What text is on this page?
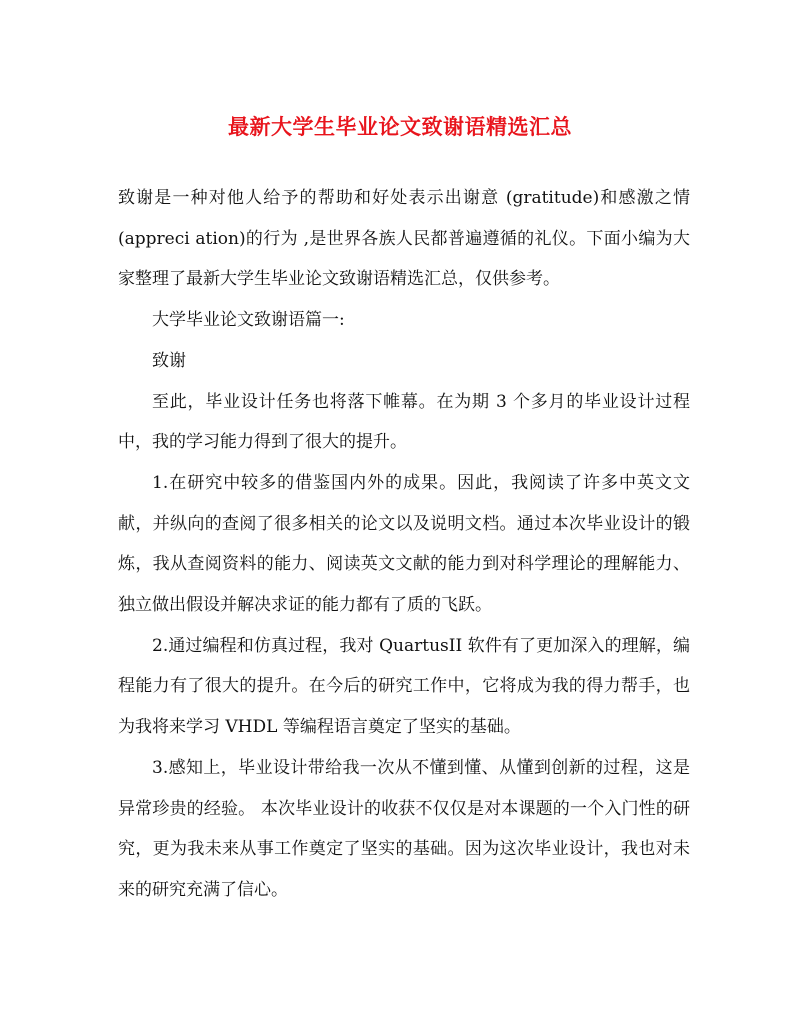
最新大学生毕业论文致谢语精选汇总

致谢是一种对他人给予的帮助和好处表示出谢意 (gratitude)和感激之情 (appreci ation)的行为 ,是世界各族人民都普遍遵循的礼仪。下面小编为大家整理了最新大学生毕业论文致谢语精选汇总，仅供参考。

大学毕业论文致谢语篇一:

致谢

至此，毕业设计任务也将落下帷幕。在为期 3 个多月的毕业设计过程中，我的学习能力得到了很大的提升。

1.在研究中较多的借鉴国内外的成果。因此，我阅读了许多中英文文献，并纵向的查阅了很多相关的论文以及说明文档。通过本次毕业设计的锻炼，我从查阅资料的能力、阅读英文文献的能力到对科学理论的理解能力、独立做出假设并解决求证的能力都有了质的飞跃。

2.通过编程和仿真过程，我对 QuartusII 软件有了更加深入的理解，编程能力有了很大的提升。在今后的研究工作中，它将成为我的得力帮手，也为我将来学习 VHDL 等编程语言奠定了坚实的基础。

3.感知上，毕业设计带给我一次从不懂到懂、从懂到创新的过程，这是异常珍贵的经验。 本次毕业设计的收获不仅仅是对本课题的一个入门性的研究，更为我未来从事工作奠定了坚实的基础。因为这次毕业设计，我也对未来的研究充满了信心。
